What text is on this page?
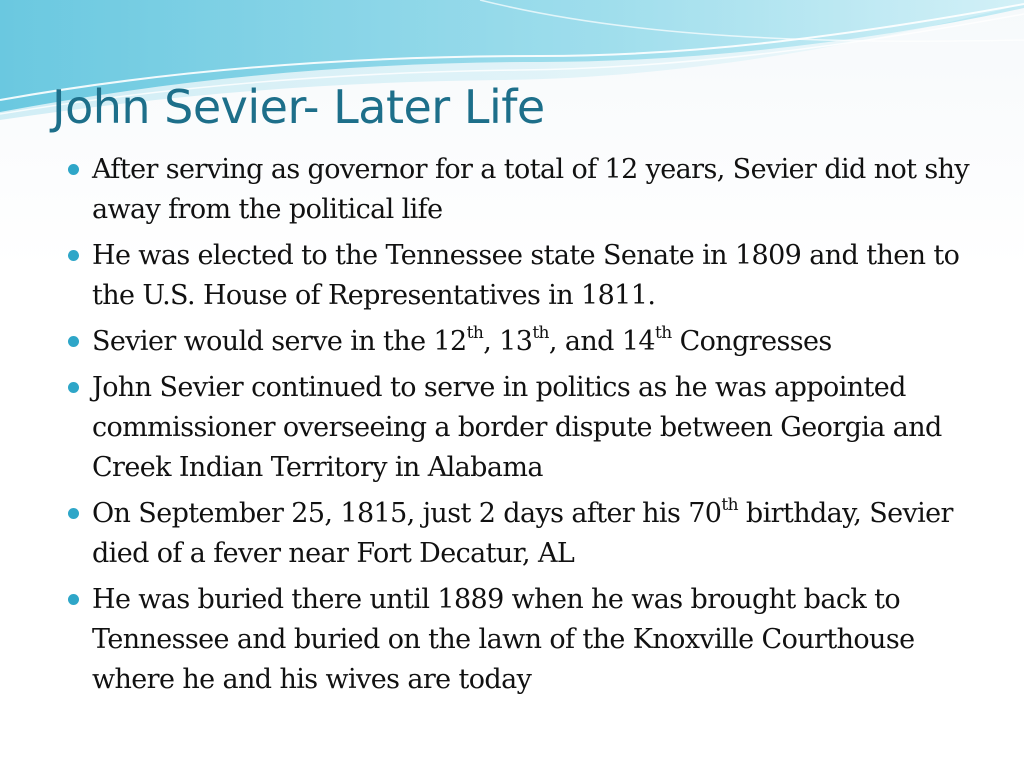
John Sevier- Later Life
After serving as governor for a total of 12 years, Sevier did not shy away from the political life
He was elected to the Tennessee state Senate in 1809 and then to the U.S. House of Representatives in 1811.
Sevier would serve in the 12th, 13th, and 14th Congresses
John Sevier continued to serve in politics as he was appointed commissioner overseeing a border dispute between Georgia and Creek Indian Territory in Alabama
On September 25, 1815, just 2 days after his 70th birthday, Sevier died of a fever near Fort Decatur, AL
He was buried there until 1889 when he was brought back to Tennessee and buried on the lawn of the Knoxville Courthouse where he and his wives are today
